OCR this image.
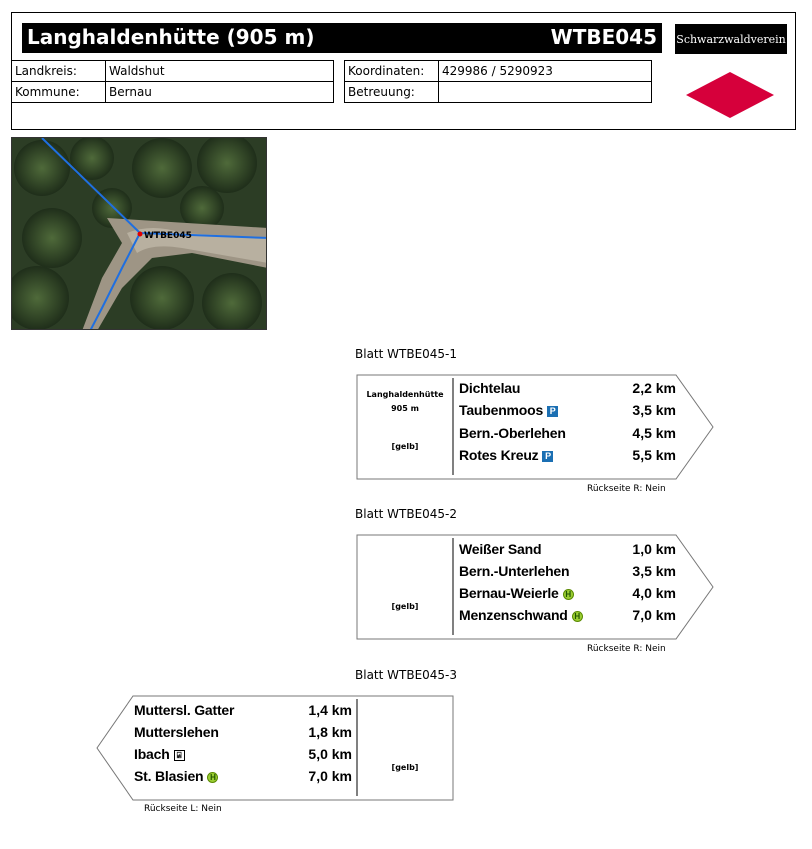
Langhaldenhütte (905 m)	WTBE045 Schwarzwaldverein
Landkreis:	Waldshut
Kommune:	Bernau
Koordinaten:	429986 / 5290923
Betreuung:	
WTBE045
Blatt WTBE045-1
Langhaldenhütte
905 m
[gelb]
Dichtelau	2,2 km
Taubenmoos P	3,5 km
Bern.-Oberlehen	4,5 km
Rotes Kreuz P	5,5 km
Rückseite R: Nein
Blatt WTBE045-2
[gelb]
Weißer Sand	1,0 km
Bern.-Unterlehen	3,5 km
Bernau-Weierle H	4,0 km
Menzenschwand H	7,0 km
Rückseite R: Nein
Blatt WTBE045-3
[gelb]
Muttersl. Gatter	1,4 km
Mutterslehen	1,8 km
Ibach ⍯	5,0 km
St. Blasien H	7,0 km
Rückseite L: Nein
